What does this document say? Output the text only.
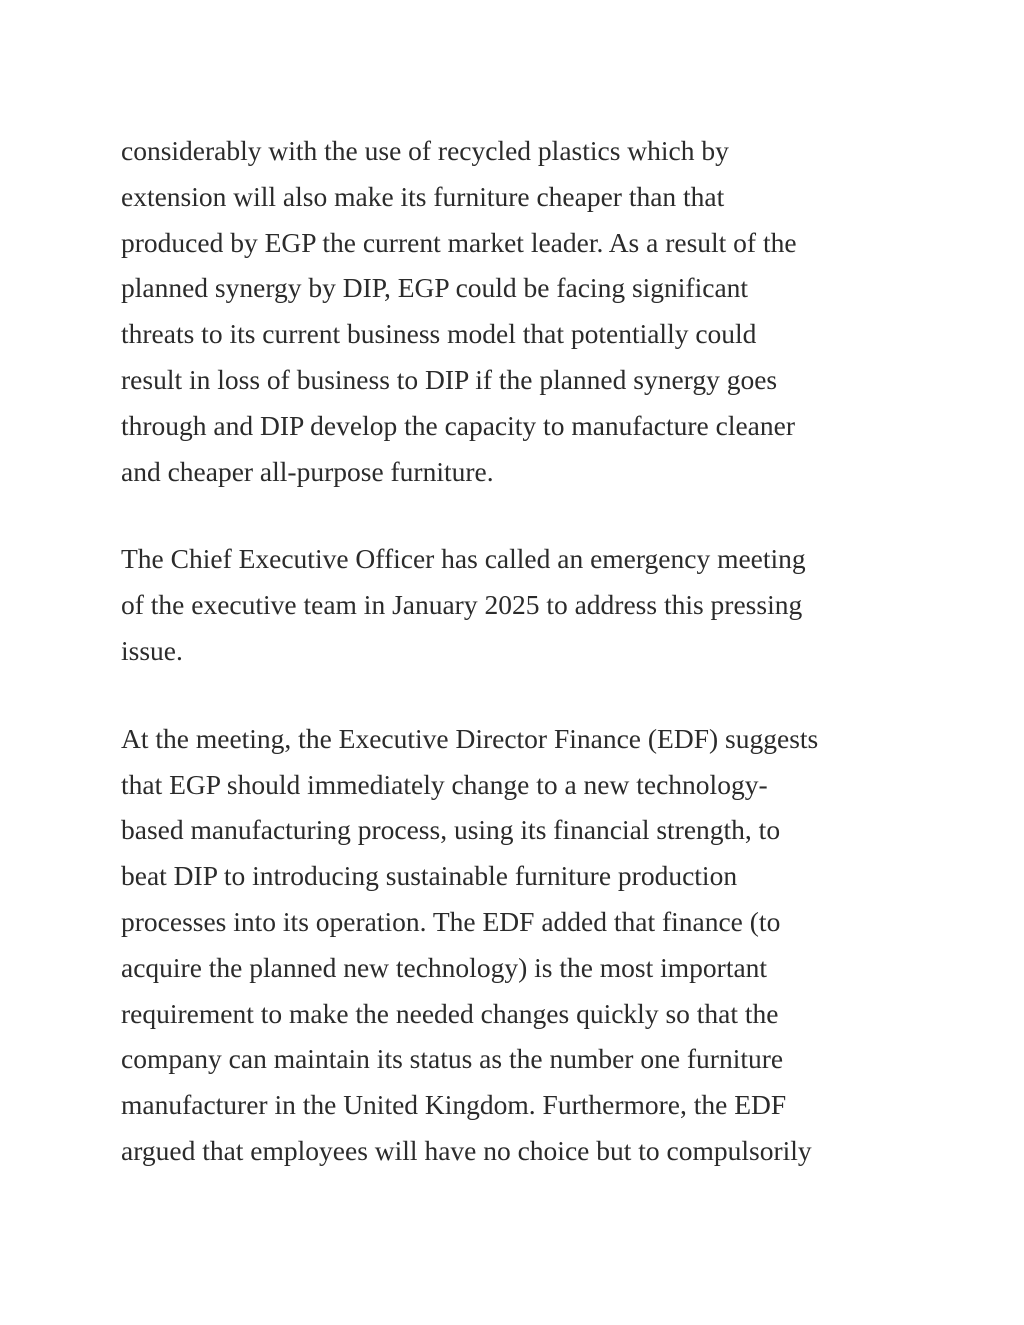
considerably with the use of recycled plastics which by
extension will also make its furniture cheaper than that
produced by EGP the current market leader. As a result of the
planned synergy by DIP, EGP could be facing significant
threats to its current business model that potentially could
result in loss of business to DIP if the planned synergy goes
through and DIP develop the capacity to manufacture cleaner
and cheaper all-purpose furniture.

The Chief Executive Officer has called an emergency meeting
of the executive team in January 2025 to address this pressing
issue.

At the meeting, the Executive Director Finance (EDF) suggests
that EGP should immediately change to a new technology-
based manufacturing process, using its financial strength, to
beat DIP to introducing sustainable furniture production
processes into its operation. The EDF added that finance (to
acquire the planned new technology) is the most important
requirement to make the needed changes quickly so that the
company can maintain its status as the number one furniture
manufacturer in the United Kingdom. Furthermore, the EDF
argued that employees will have no choice but to compulsorily
